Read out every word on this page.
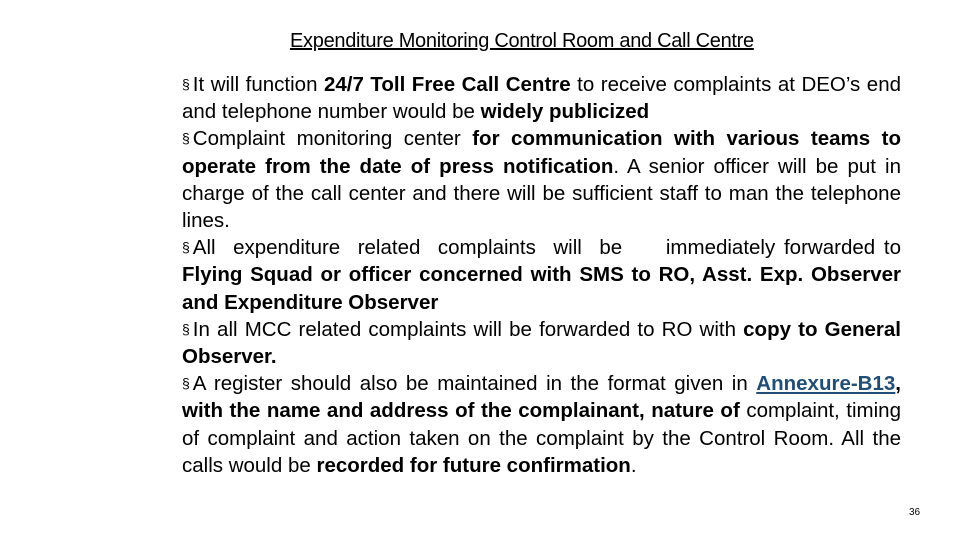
Expenditure Monitoring Control Room and Call Centre

§ It will function 24/7 Toll Free Call Centre to receive complaints at DEO’s end and telephone number would be widely publicized

§ Complaint monitoring center for communication with various teams to operate from the date of press notification. A senior officer will be put in charge of the call center and there will be sufficient staff to man the telephone lines.

§ All  expenditure  related  complaints  will  be     immediately forwarded to Flying Squad or officer concerned with SMS to RO, Asst. Exp. Observer and Expenditure Observer

§ In all MCC related complaints will be forwarded to RO with copy to General Observer.

§ A register should also be maintained in the format given in Annexure-B13, with the name and address of the complainant, nature of complaint, timing of complaint and action taken on the complaint by the Control Room. All the calls would be recorded for future confirmation.

36
